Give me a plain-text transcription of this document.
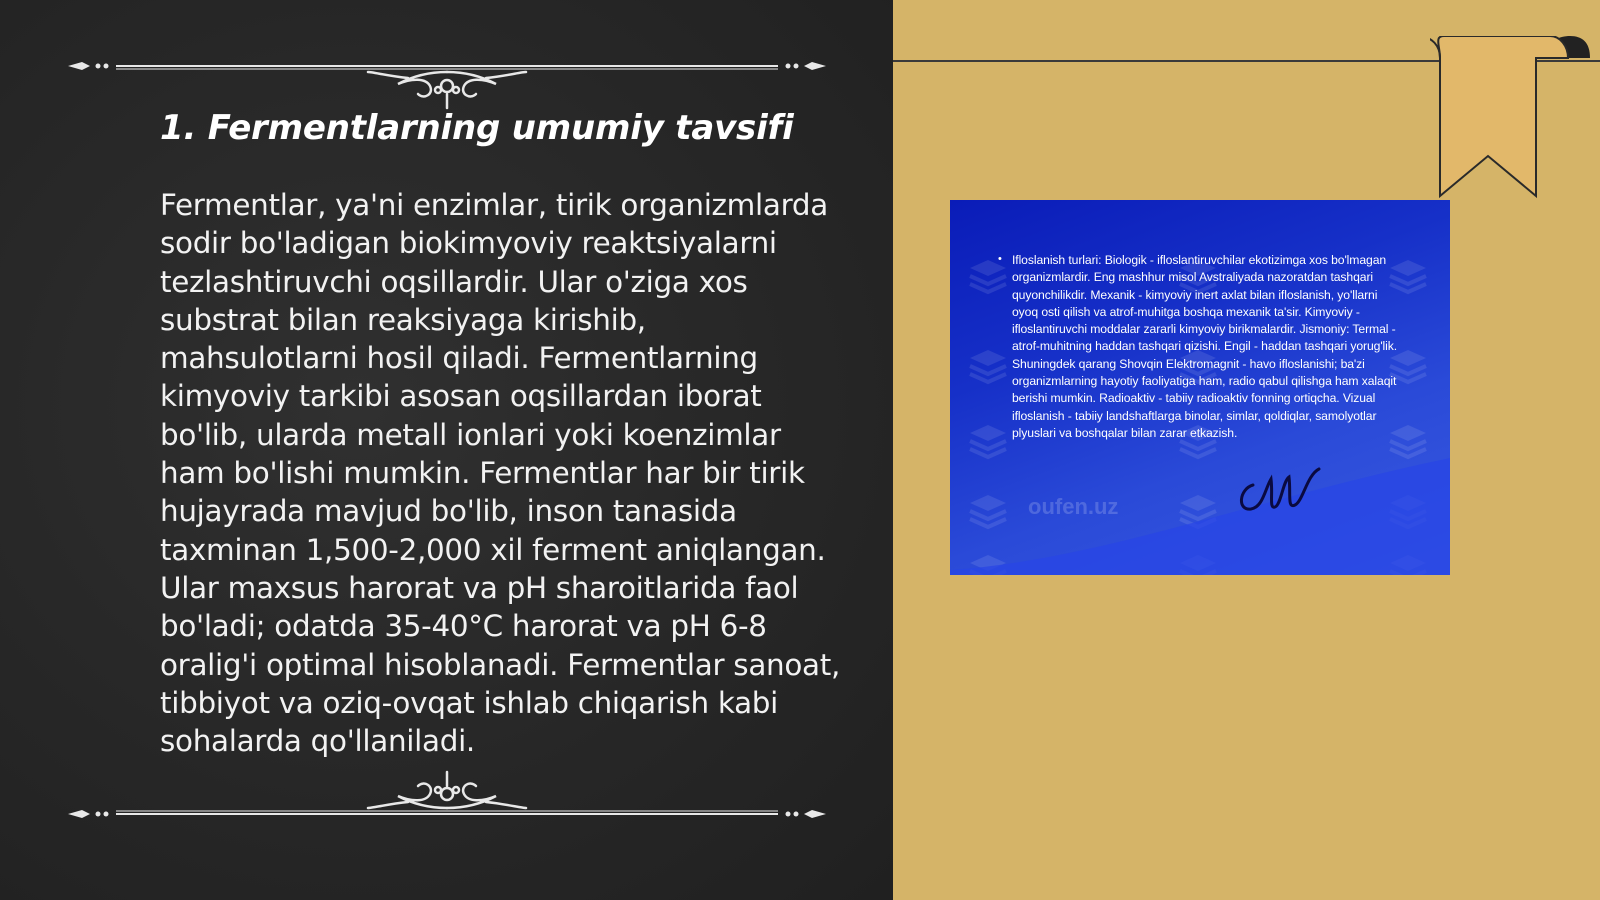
1. Fermentlarning umumiy tavsifi

Fermentlar, ya'ni enzimlar, tirik organizmlarda sodir bo'ladigan biokimyoviy reaktsiyalarni tezlashtiruvchi oqsillardir. Ular o'ziga xos substrat bilan reaksiyaga kirishib, mahsulotlarni hosil qiladi. Fermentlarning kimyoviy tarkibi asosan oqsillardan iborat bo'lib, ularda metall ionlari yoki koenzimlar ham bo'lishi mumkin. Fermentlar har bir tirik hujayrada mavjud bo'lib, inson tanasida taxminan 1,500-2,000 xil ferment aniqlangan. Ular maxsus harorat va pH sharoitlarida faol bo'ladi; odatda 35-40°C harorat va pH 6-8 oralig'i optimal hisoblanadi. Fermentlar sanoat, tibbiyot va oziq-ovqat ishlab chiqarish kabi sohalarda qo'llaniladi.

oufen.uz
• Ifloslanish turlari: Biologik - ifloslantiruvchilar ekotizimga xos bo'lmagan organizmlardir. Eng mashhur misol Avstraliyada nazoratdan tashqari quyonchilikdir. Mexanik - kimyoviy inert axlat bilan ifloslanish, yo'llarni oyoq osti qilish va atrof-muhitga boshqa mexanik ta'sir. Kimyoviy - ifloslantiruvchi moddalar zararli kimyoviy birikmalardir. Jismoniy: Termal - atrof-muhitning haddan tashqari qizishi. Engil - haddan tashqari yorug'lik. Shuningdek qarang Shovqin Elektromagnit - havo ifloslanishi; ba'zi organizmlarning hayotiy faoliyatiga ham, radio qabul qilishga ham xalaqit berishi mumkin. Radioaktiv - tabiiy radioaktiv fonning ortiqcha. Vizual ifloslanish - tabiiy landshaftlarga binolar, simlar, qoldiqlar, samolyotlar plyuslari va boshqalar bilan zarar etkazish.
